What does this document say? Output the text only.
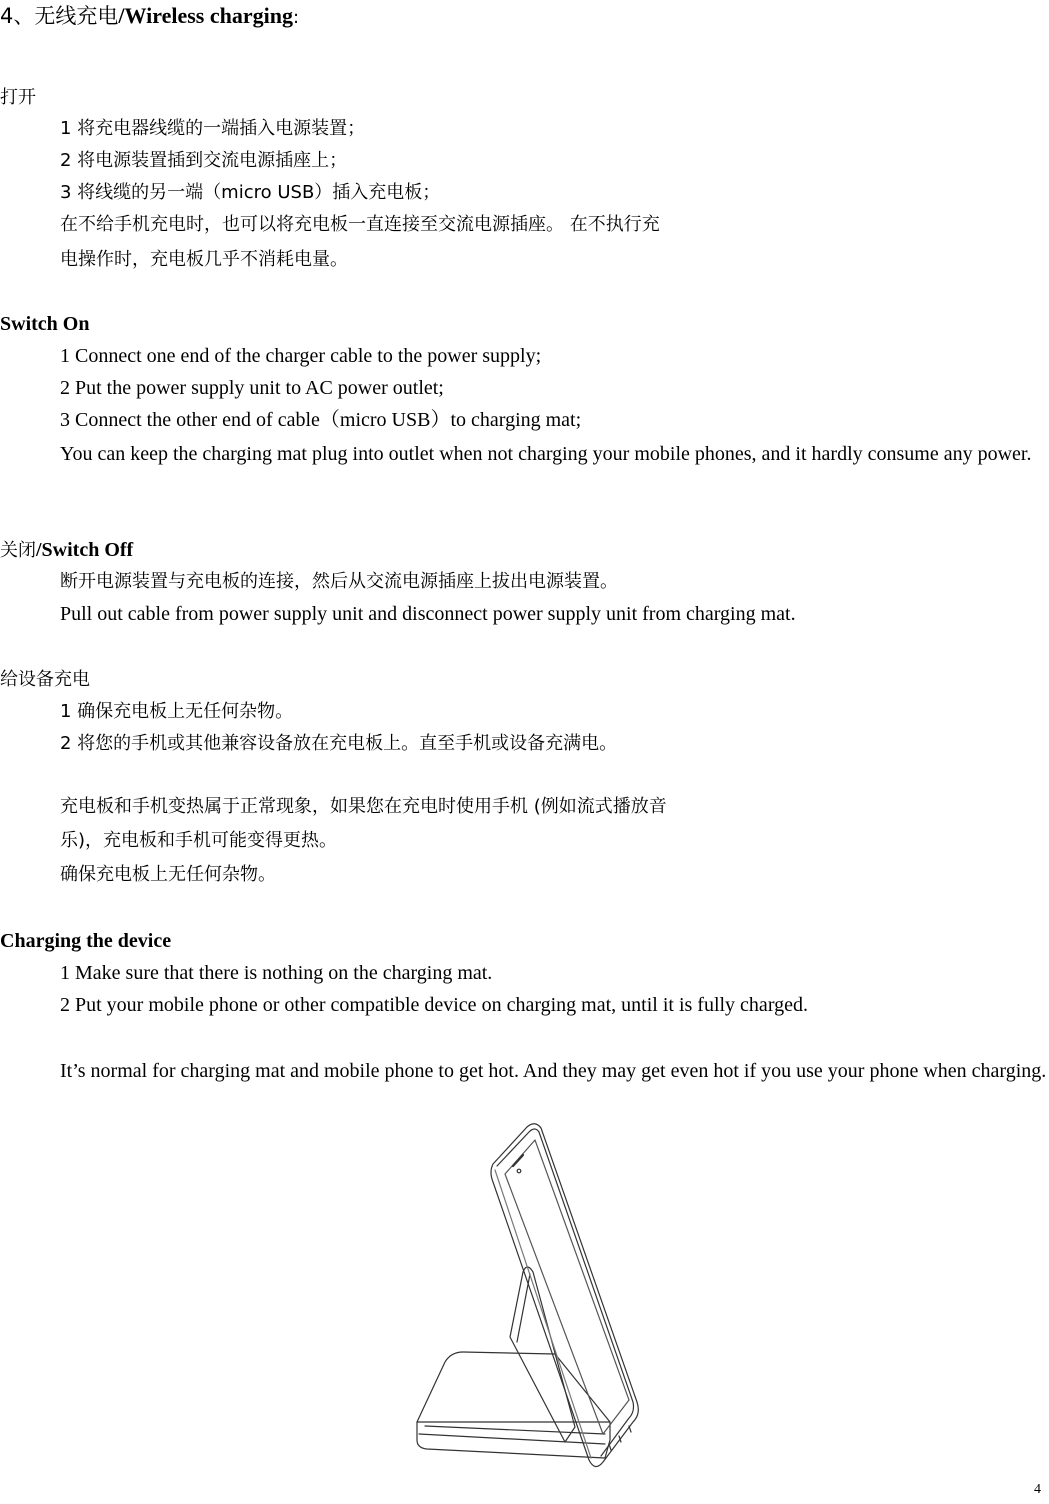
4、无线充电/Wireless charging:
打开
1 将充电器线缆的一端插入电源装置；
2 将电源装置插到交流电源插座上；
3 将线缆的另一端（micro USB）插入充电板；
在不给手机充电时，也可以将充电板一直连接至交流电源插座。 在不执行充
电操作时，充电板几乎不消耗电量。
Switch On
1 Connect one end of the charger cable to the power supply;
2 Put the power supply unit to AC power outlet;
3 Connect the other end of cable（micro USB）to charging mat;
You can keep the charging mat plug into outlet when not charging your mobile phones, and it hardly consume any power.
关闭/Switch Off
断开电源装置与充电板的连接，然后从交流电源插座上拔出电源装置。
Pull out cable from power supply unit and disconnect power supply unit from charging mat.
给设备充电
1 确保充电板上无任何杂物。
2 将您的手机或其他兼容设备放在充电板上。直至手机或设备充满电。
充电板和手机变热属于正常现象，如果您在充电时使用手机 (例如流式播放音
乐)，充电板和手机可能变得更热。
确保充电板上无任何杂物。
Charging the device
1 Make sure that there is nothing on the charging mat.
2 Put your mobile phone or other compatible device on charging mat, until it is fully charged.
It’s normal for charging mat and mobile phone to get hot. And they may get even hot if you use your phone when charging.
4
